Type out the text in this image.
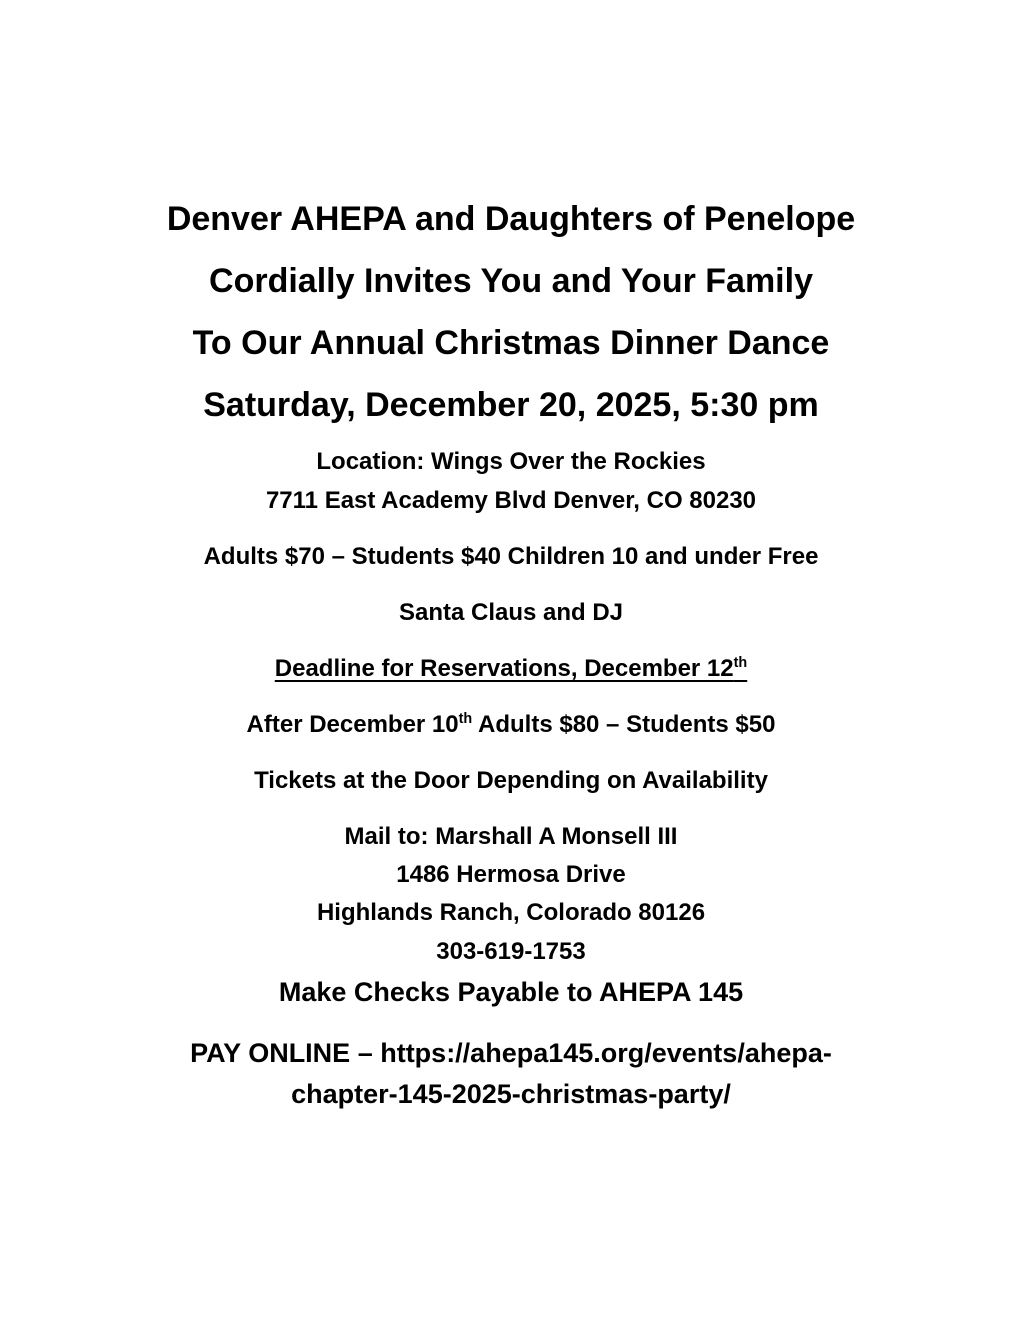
Denver AHEPA and Daughters of Penelope

Cordially Invites You and Your Family

To Our Annual Christmas Dinner Dance

Saturday, December 20, 2025, 5:30 pm

Location: Wings Over the Rockies

7711 East Academy Blvd Denver, CO 80230

Adults $70 – Students $40 Children 10 and under Free

Santa Claus and DJ

Deadline for Reservations, December 12th

After December 10th Adults $80 – Students $50

Tickets at the Door Depending on Availability

Mail to: Marshall A Monsell III

1486 Hermosa Drive

Highlands Ranch, Colorado 80126

303-619-1753

Make Checks Payable to AHEPA 145

PAY ONLINE – https://ahepa145.org/events/ahepa-

chapter-145-2025-christmas-party/
